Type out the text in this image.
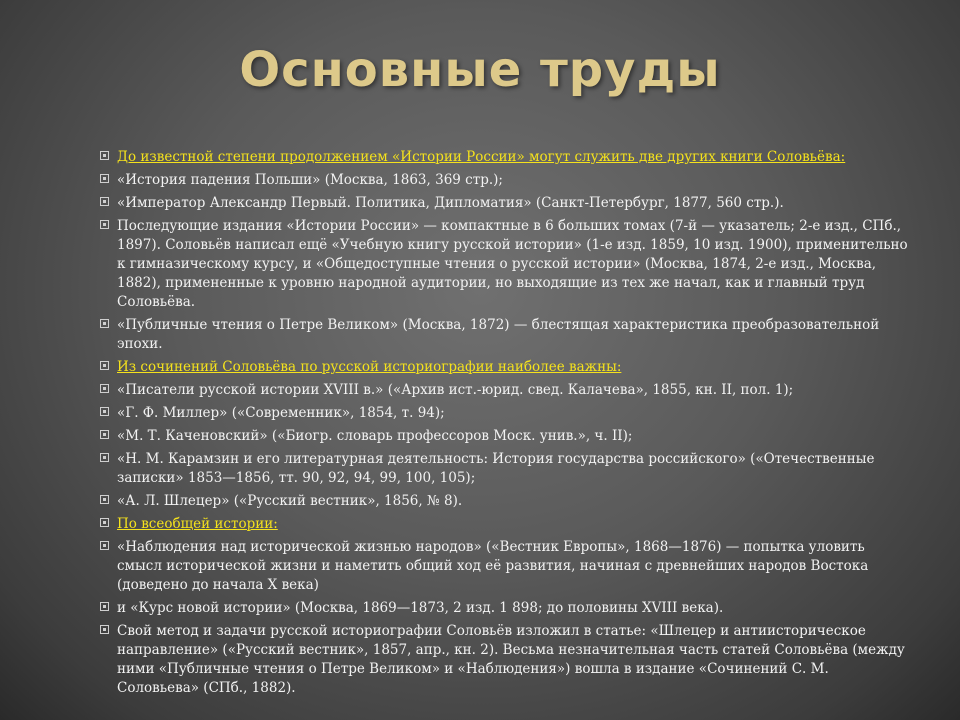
Основные труды
До известной степени продолжением «Истории России» могут служить две других книги Соловьёва:
«История падения Польши» (Москва, 1863, 369 стр.);
«Император Александр Первый. Политика, Дипломатия» (Санкт-Петербург, 1877, 560 стр.).
Последующие издания «Истории России» — компактные в 6 больших томах (7-й — указатель; 2-е изд., СПб., 1897). Соловьёв написал ещё «Учебную книгу русской истории» (1-е изд. 1859, 10 изд. 1900), применительно к гимназическому курсу, и «Общедоступные чтения о русской истории» (Москва, 1874, 2-е изд., Москва, 1882), примененные к уровню народной аудитории, но выходящие из тех же начал, как и главный труд Соловьёва.
«Публичные чтения о Петре Великом» (Москва, 1872) — блестящая характеристика преобразовательной эпохи.
Из сочинений Соловьёва по русской историографии наиболее важны:
«Писатели русской истории XVIII в.» («Архив ист.-юрид. свед. Калачева», 1855, кн. II, пол. 1);
«Г. Ф. Миллер» («Современник», 1854, т. 94);
«М. Т. Каченовский» («Биогр. словарь профессоров Моск. унив.», ч. II);
«Н. М. Карамзин и его литературная деятельность: История государства российского» («Отечественные записки» 1853—1856, тт. 90, 92, 94, 99, 100, 105);
«А. Л. Шлецер» («Русский вестник», 1856, № 8).
По всеобщей истории:
«Наблюдения над исторической жизнью народов» («Вестник Европы», 1868—1876) — попытка уловить смысл исторической жизни и наметить общий ход её развития, начиная с древнейших народов Востока (доведено до начала X века)
и «Курс новой истории» (Москва, 1869—1873, 2 изд. 1 898; до половины XVIII века).
Свой метод и задачи русской историографии Соловьёв изложил в статье: «Шлецер и антиисторическое направление» («Русский вестник», 1857, апр., кн. 2). Весьма незначительная часть статей Соловьёва (между ними «Публичные чтения о Петре Великом» и «Наблюдения») вошла в издание «Сочинений С. М. Соловьева» (СПб., 1882).
